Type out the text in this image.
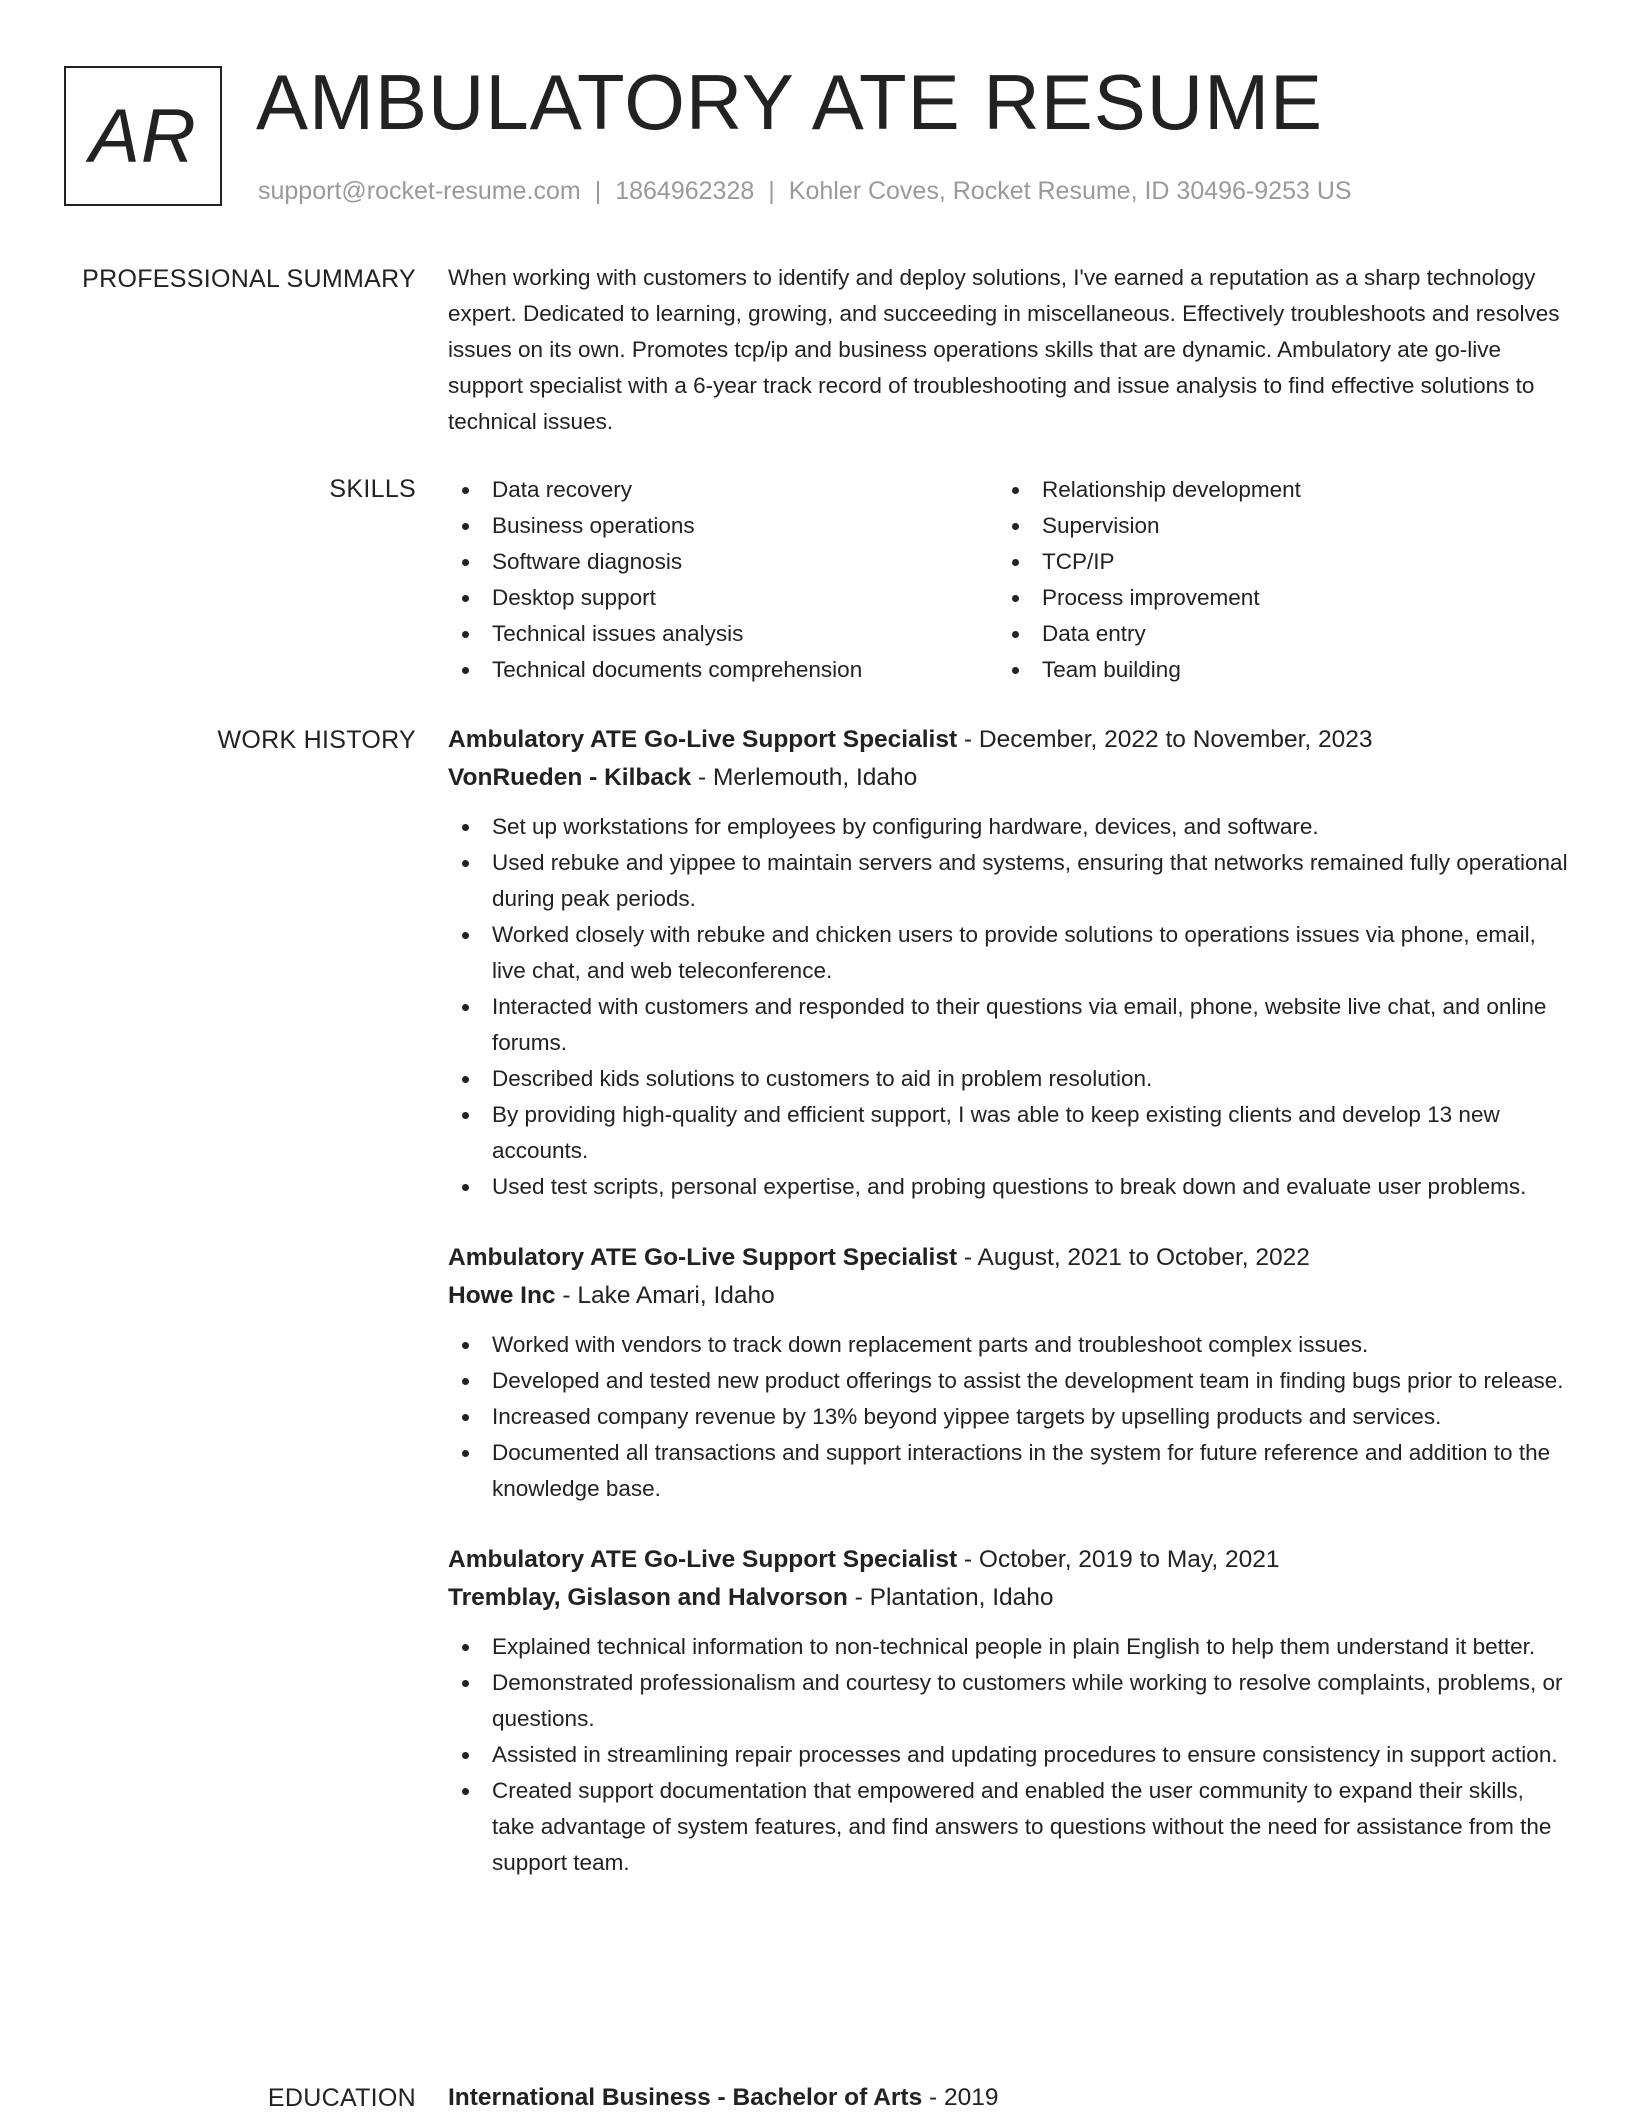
AR AMBULATORY ATE RESUME
support@rocket-resume.com | 1864962328 | Kohler Coves, Rocket Resume, ID 30496-9253 US
PROFESSIONAL SUMMARY When working with customers to identify and deploy solutions, I've earned a reputation as a sharp technology expert. Dedicated to learning, growing, and succeeding in miscellaneous. Effectively troubleshoots and resolves issues on its own. Promotes tcp/ip and business operations skills that are dynamic. Ambulatory ate go-live support specialist with a 6-year track record of troubleshooting and issue analysis to find effective solutions to technical issues.

SKILLS	Data recovery
Business operations
Software diagnosis
Desktop support
Technical issues analysis
Technical documents comprehension
Relationship development
Supervision
TCP/IP
Process improvement
Data entry
Team building
WORK HISTORY Ambulatory ATE Go-Live Support Specialist - December, 2022 to November, 2023
VonRueden - Kilback - Merlemouth, Idaho
Set up workstations for employees by configuring hardware, devices, and software.
Used rebuke and yippee to maintain servers and systems, ensuring that networks remained fully operational during peak periods.
Worked closely with rebuke and chicken users to provide solutions to operations issues via phone, email, live chat, and web teleconference.
Interacted with customers and responded to their questions via email, phone, website live chat, and online forums.
Described kids solutions to customers to aid in problem resolution.
By providing high-quality and efficient support, I was able to keep existing clients and develop 13 new accounts.
Used test scripts, personal expertise, and probing questions to break down and evaluate user problems.
Ambulatory ATE Go-Live Support Specialist - August, 2021 to October, 2022
Howe Inc - Lake Amari, Idaho
Worked with vendors to track down replacement parts and troubleshoot complex issues.
Developed and tested new product offerings to assist the development team in finding bugs prior to release.
Increased company revenue by 13% beyond yippee targets by upselling products and services.
Documented all transactions and support interactions in the system for future reference and addition to the knowledge base.
Ambulatory ATE Go-Live Support Specialist - October, 2019 to May, 2021
Tremblay, Gislason and Halvorson - Plantation, Idaho
Explained technical information to non-technical people in plain English to help them understand it better.
Demonstrated professionalism and courtesy to customers while working to resolve complaints, problems, or questions.
Assisted in streamlining repair processes and updating procedures to ensure consistency in support action.
Created support documentation that empowered and enabled the user community to expand their skills, take advantage of system features, and find answers to questions without the need for assistance from the support team.
EDUCATION International Business - Bachelor of Arts - 2019
